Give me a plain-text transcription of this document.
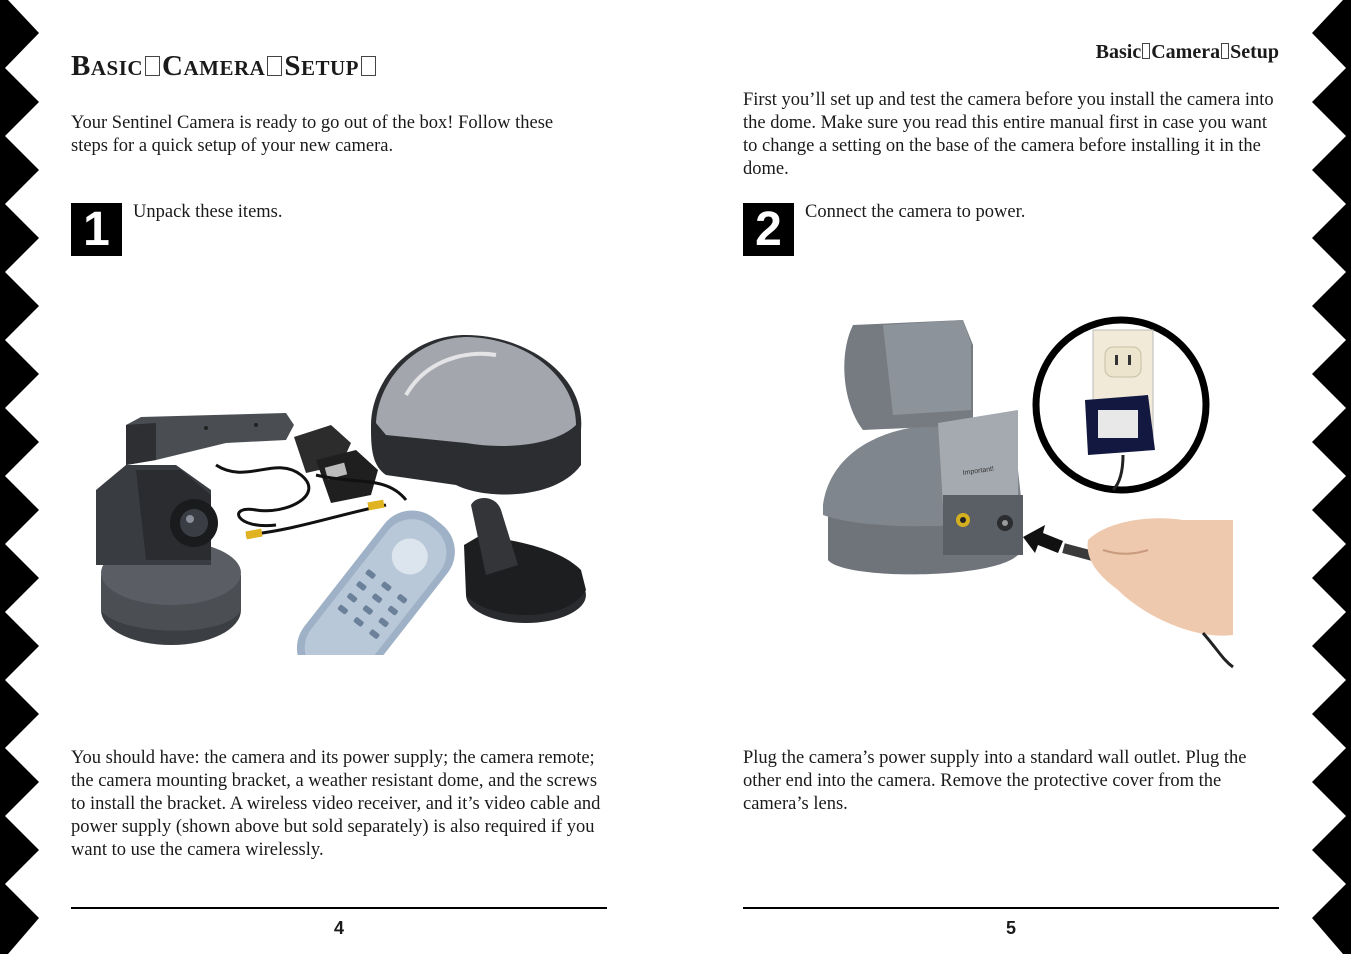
BASIC CAMERA SETUP

Your Sentinel Camera is ready to go out of the box! Follow these steps for a quick setup of your new camera.

1	Unpack these items.

You should have: the camera and its power supply; the camera remote; the camera mounting bracket, a weather resistant dome, and the screws to install the bracket. A wireless video receiver, and it’s video cable and power supply (shown above but sold separately) is also required if you want to use the camera wirelessly.

4
Basic Camera Setup

First you’ll set up and test the camera before you install the camera into the dome. Make sure you read this entire manual first in case you want to change a setting on the base of the camera before installing it in the dome.

2	Connect the camera to power.
Important!

Plug the camera’s power supply into a standard wall outlet. Plug the other end into the camera. Remove the protective cover from the camera’s lens.

5
